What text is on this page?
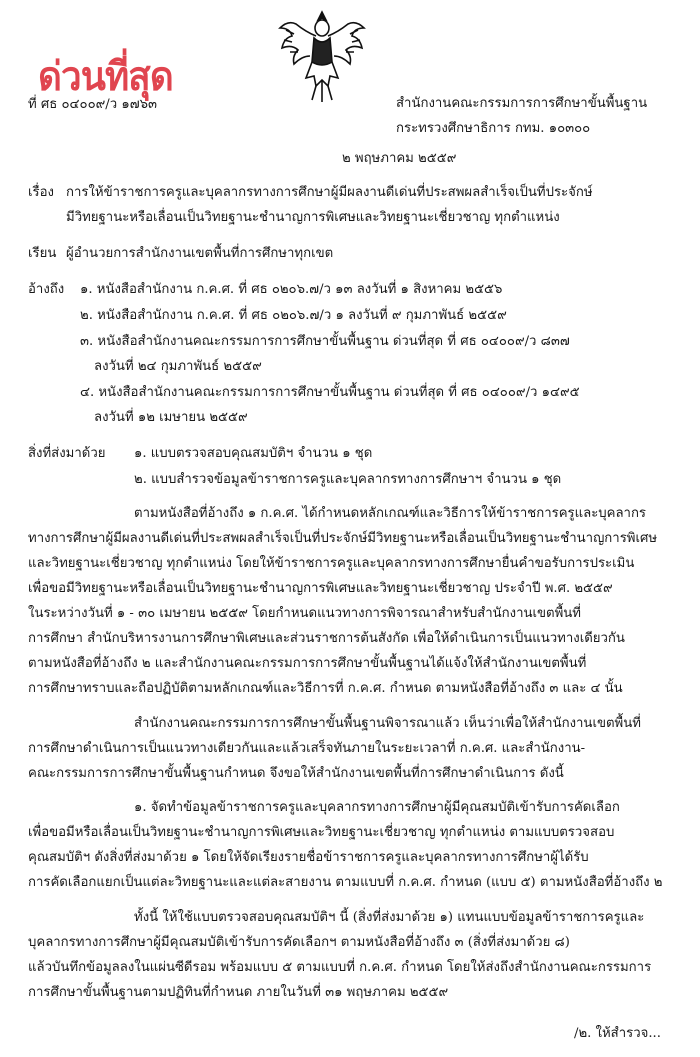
ด่วนที่สุด
ที่ ศธ ๐๔๐๐๙/ว ๑๗๖๓	สำนักงานคณะกรรมการการศึกษาขั้นพื้นฐาน
กระทรวงศึกษาธิการ กทม. ๑๐๓๐๐
๒ พฤษภาคม ๒๕๕๙
เรื่อง การให้ข้าราชการครูและบุคลากรทางการศึกษาผู้มีผลงานดีเด่นที่ประสพผลสำเร็จเป็นที่ประจักษ์
มีวิทยฐานะหรือเลื่อนเป็นวิทยฐานะชำนาญการพิเศษและวิทยฐานะเชี่ยวชาญ ทุกตำแหน่ง
เรียน ผู้อำนวยการสำนักงานเขตพื้นที่การศึกษาทุกเขต
อ้างถึง ๑. หนังสือสำนักงาน ก.ค.ศ. ที่ ศธ ๐๒๐๖.๗/ว ๑๓ ลงวันที่ ๑ สิงหาคม ๒๕๕๖
๒. หนังสือสำนักงาน ก.ค.ศ. ที่ ศธ ๐๒๐๖.๗/ว ๑ ลงวันที่ ๙ กุมภาพันธ์ ๒๕๕๙
๓. หนังสือสำนักงานคณะกรรมการการศึกษาขั้นพื้นฐาน ด่วนที่สุด ที่ ศธ ๐๔๐๐๙/ว ๘๓๗
ลงวันที่ ๒๔ กุมภาพันธ์ ๒๕๕๙
๔. หนังสือสำนักงานคณะกรรมการการศึกษาขั้นพื้นฐาน ด่วนที่สุด ที่ ศธ ๐๔๐๐๙/ว ๑๔๙๕
ลงวันที่ ๑๒ เมษายน ๒๕๕๙
สิ่งที่ส่งมาด้วย ๑. แบบตรวจสอบคุณสมบัติฯ จำนวน ๑ ชุด
๒. แบบสำรวจข้อมูลข้าราชการครูและบุคลากรทางการศึกษาฯ จำนวน ๑ ชุด
ตามหนังสือที่อ้างถึง ๑ ก.ค.ศ. ได้กำหนดหลักเกณฑ์และวิธีการให้ข้าราชการครูและบุคลากร
ทางการศึกษาผู้มีผลงานดีเด่นที่ประสพผลสำเร็จเป็นที่ประจักษ์มีวิทยฐานะหรือเลื่อนเป็นวิทยฐานะชำนาญการพิเศษ
และวิทยฐานะเชี่ยวชาญ ทุกตำแหน่ง โดยให้ข้าราชการครูและบุคลากรทางการศึกษายื่นคำขอรับการประเมิน
เพื่อขอมีวิทยฐานะหรือเลื่อนเป็นวิทยฐานะชำนาญการพิเศษและวิทยฐานะเชี่ยวชาญ ประจำปี พ.ศ. ๒๕๕๙
ในระหว่างวันที่ ๑ - ๓๐ เมษายน ๒๕๕๙ โดยกำหนดแนวทางการพิจารณาสำหรับสำนักงานเขตพื้นที่
การศึกษา สำนักบริหารงานการศึกษาพิเศษและส่วนราชการต้นสังกัด เพื่อให้ดำเนินการเป็นแนวทางเดียวกัน
ตามหนังสือที่อ้างถึง ๒ และสำนักงานคณะกรรมการการศึกษาขั้นพื้นฐานได้แจ้งให้สำนักงานเขตพื้นที่
การศึกษาทราบและถือปฏิบัติตามหลักเกณฑ์และวิธีการที่ ก.ค.ศ. กำหนด ตามหนังสือที่อ้างถึง ๓ และ ๔ นั้น
สำนักงานคณะกรรมการการศึกษาขั้นพื้นฐานพิจารณาแล้ว เห็นว่าเพื่อให้สำนักงานเขตพื้นที่
การศึกษาดำเนินการเป็นแนวทางเดียวกันและแล้วเสร็จทันภายในระยะเวลาที่ ก.ค.ศ. และสำนักงาน-
คณะกรรมการการศึกษาขั้นพื้นฐานกำหนด จึงขอให้สำนักงานเขตพื้นที่การศึกษาดำเนินการ ดังนี้
๑. จัดทำข้อมูลข้าราชการครูและบุคลากรทางการศึกษาผู้มีคุณสมบัติเข้ารับการคัดเลือก
เพื่อขอมีหรือเลื่อนเป็นวิทยฐานะชำนาญการพิเศษและวิทยฐานะเชี่ยวชาญ ทุกตำแหน่ง ตามแบบตรวจสอบ
คุณสมบัติฯ ดังสิ่งที่ส่งมาด้วย ๑ โดยให้จัดเรียงรายชื่อข้าราชการครูและบุคลากรทางการศึกษาผู้ได้รับ
การคัดเลือกแยกเป็นแต่ละวิทยฐานะและแต่ละสายงาน ตามแบบที่ ก.ค.ศ. กำหนด (แบบ ๕) ตามหนังสือที่อ้างถึง ๒
ทั้งนี้ ให้ใช้แบบตรวจสอบคุณสมบัติฯ นี้ (สิ่งที่ส่งมาด้วย ๑) แทนแบบข้อมูลข้าราชการครูและ
บุคลากรทางการศึกษาผู้มีคุณสมบัติเข้ารับการคัดเลือกฯ ตามหนังสือที่อ้างถึง ๓ (สิ่งที่ส่งมาด้วย ๘)
แล้วบันทึกข้อมูลลงในแผ่นซีดีรอม พร้อมแบบ ๕ ตามแบบที่ ก.ค.ศ. กำหนด โดยให้ส่งถึงสำนักงานคณะกรรมการ
การศึกษาขั้นพื้นฐานตามปฏิทินที่กำหนด ภายในวันที่ ๓๑ พฤษภาคม ๒๕๕๙
/๒. ให้สำรวจ...
